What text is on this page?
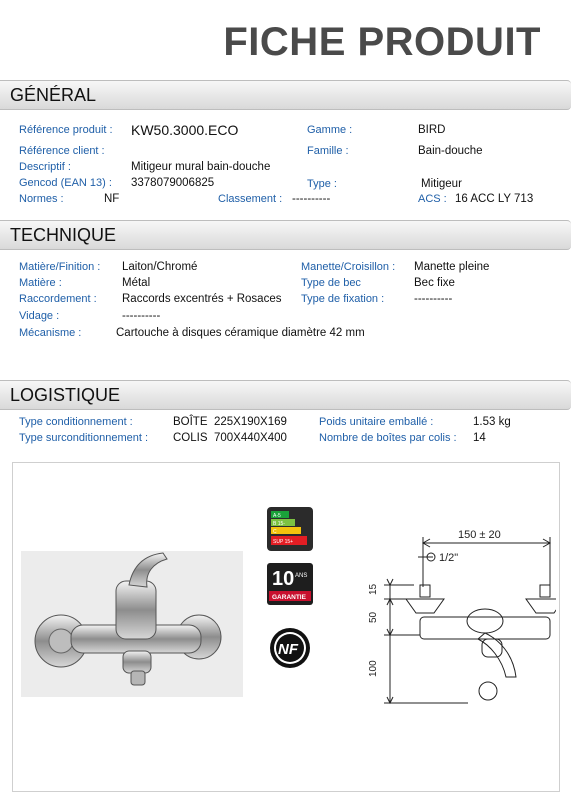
FICHE PRODUIT
GÉNÉRAL
Référence produit : KW50.3000.ECO	Gamme :	BIRD
Référence client :	Famille :	Bain-douche
Descriptif :	Mitigeur mural bain-douche
Gencod (EAN 13) : 3378079006825	Type :	Mitigeur
Normes :	NF	Classement : ----------	ACS : 16 ACC LY 713
TECHNIQUE
Matière/Finition : Laiton/Chromé	Manette/Croisillon : Manette pleine
Matière :	Métal	Type de bec	Bec fixe
Raccordement : Raccords excentrés + Rosaces Type de fixation :	----------
Vidage :	----------
Mécanisme :	Cartouche à disques céramique diamètre 42 mm
LOGISTIQUE
Type conditionnement :	BOÎTE 225X190X169	Poids unitaire emballé :	1.53 kg
Type surconditionnement : COLIS 700X440X400	Nombre de boîtes par colis : 14
A-5
B 15-
C
SUP 15+
10 ANS
GARANTIE
NF
150 ± 20
1/2"
15
50
100
